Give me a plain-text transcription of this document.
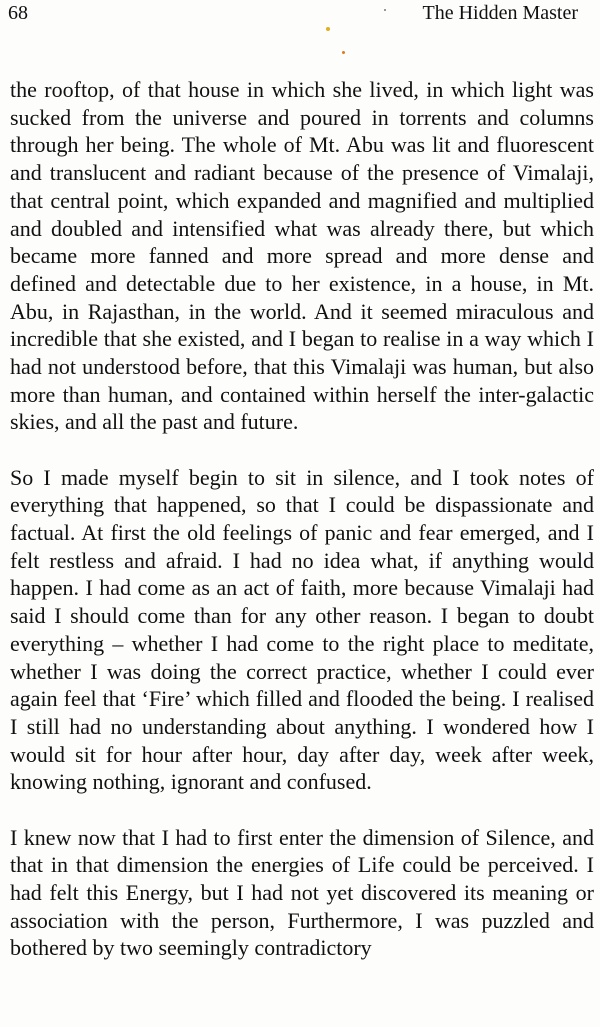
68	The Hidden Master

the rooftop, of that house in which she lived, in which light was sucked from the universe and poured in torrents and columns through her being. The whole of Mt. Abu was lit and fluorescent and translucent and radiant because of the presence of Vimalaji, that central point, which expanded and magnified and multiplied and doubled and intensified what was already there, but which became more fanned and more spread and more dense and defined and detectable due to her existence, in a house, in Mt. Abu, in Rajasthan, in the world. And it seemed miraculous and incredible that she existed, and I began to realise in a way which I had not understood before, that this Vimalaji was human, but also more than human, and contained within herself the inter-galactic skies, and all the past and future.

So I made myself begin to sit in silence, and I took notes of everything that happened, so that I could be dispassionate and factual. At first the old feelings of panic and fear emerged, and I felt restless and afraid. I had no idea what, if anything would happen. I had come as an act of faith, more because Vimalaji had said I should come than for any other reason. I began to doubt everything – whether I had come to the right place to meditate, whether I was doing the correct practice, whether I could ever again feel that ‘Fire’ which filled and flooded the being. I realised I still had no understanding about anything. I wondered how I would sit for hour after hour, day after day, week after week, knowing nothing, ignorant and confused.

I knew now that I had to first enter the dimension of Silence, and that in that dimension the energies of Life could be perceived. I had felt this Energy, but I had not yet discovered its meaning or association with the person, Furthermore, I was puzzled and bothered by two seemingly contradictory
